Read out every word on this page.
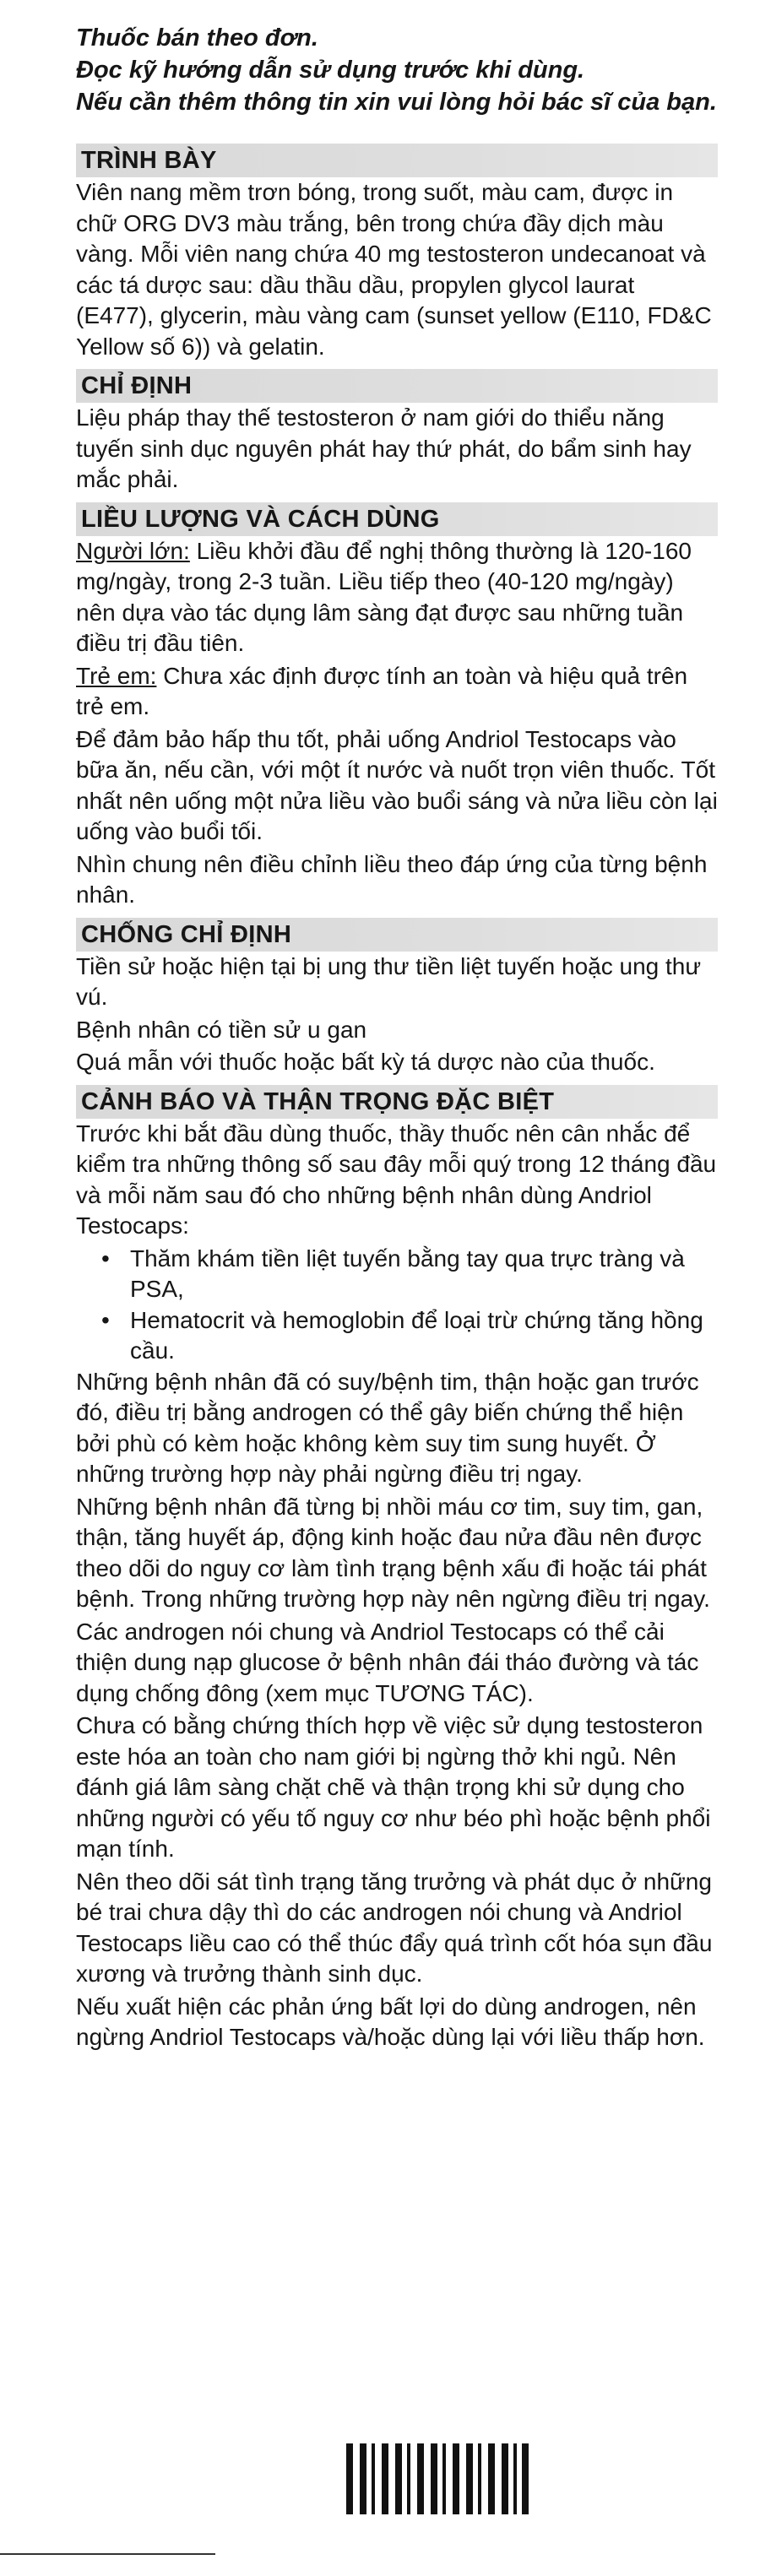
Thuốc bán theo đơn.

Đọc kỹ hướng dẫn sử dụng trước khi dùng.

Nếu cần thêm thông tin xin vui lòng hỏi bác sĩ của bạn.

TRÌNH BÀY

Viên nang mềm trơn bóng, trong suốt, màu cam, được in chữ ORG DV3 màu trắng, bên trong chứa đầy dịch màu vàng. Mỗi viên nang chứa 40 mg testosteron undecanoat và các tá dược sau: dầu thầu dầu, propylen glycol laurat (E477), glycerin, màu vàng cam (sunset yellow (E110, FD&C Yellow số 6)) và gelatin.

CHỈ ĐỊNH

Liệu pháp thay thế testosteron ở nam giới do thiểu năng tuyến sinh dục nguyên phát hay thứ phát, do bẩm sinh hay mắc phải.

LIỀU LƯỢNG VÀ CÁCH DÙNG

Người lớn: Liều khởi đầu để nghị thông thường là 120-160 mg/ngày, trong 2-3 tuần. Liều tiếp theo (40-120 mg/ngày) nên dựa vào tác dụng lâm sàng đạt được sau những tuần điều trị đầu tiên.

Trẻ em: Chưa xác định được tính an toàn và hiệu quả trên trẻ em.

Để đảm bảo hấp thu tốt, phải uống Andriol Testocaps vào bữa ăn, nếu cần, với một ít nước và nuốt trọn viên thuốc. Tốt nhất nên uống một nửa liều vào buổi sáng và nửa liều còn lại uống vào buổi tối.

Nhìn chung nên điều chỉnh liều theo đáp ứng của từng bệnh nhân.

CHỐNG CHỈ ĐỊNH

Tiền sử hoặc hiện tại bị ung thư tiền liệt tuyến hoặc ung thư vú.

Bệnh nhân có tiền sử u gan

Quá mẫn với thuốc hoặc bất kỳ tá dược nào của thuốc.

CẢNH BÁO VÀ THẬN TRỌNG ĐẶC BIỆT

Trước khi bắt đầu dùng thuốc, thầy thuốc nên cân nhắc để kiểm tra những thông số sau đây mỗi quý trong 12 tháng đầu và mỗi năm sau đó cho những bệnh nhân dùng Andriol Testocaps:

• Thăm khám tiền liệt tuyến bằng tay qua trực tràng và PSA,
• Hematocrit và hemoglobin để loại trừ chứng tăng hồng cầu.

Những bệnh nhân đã có suy/bệnh tim, thận hoặc gan trước đó, điều trị bằng androgen có thể gây biến chứng thể hiện bởi phù có kèm hoặc không kèm suy tim sung huyết. Ở những trường hợp này phải ngừng điều trị ngay.

Những bệnh nhân đã từng bị nhồi máu cơ tim, suy tim, gan, thận, tăng huyết áp, động kinh hoặc đau nửa đầu nên được theo dõi do nguy cơ làm tình trạng bệnh xấu đi hoặc tái phát bệnh. Trong những trường hợp này nên ngừng điều trị ngay.

Các androgen nói chung và Andriol Testocaps có thể cải thiện dung nạp glucose ở bệnh nhân đái tháo đường và tác dụng chống đông (xem mục TƯƠNG TÁC).

Chưa có bằng chứng thích hợp về việc sử dụng testosteron este hóa an toàn cho nam giới bị ngừng thở khi ngủ. Nên đánh giá lâm sàng chặt chẽ và thận trọng khi sử dụng cho những người có yếu tố nguy cơ như béo phì hoặc bệnh phổi mạn tính.

Nên theo dõi sát tình trạng tăng trưởng và phát dục ở những bé trai chưa dậy thì do các androgen nói chung và Andriol Testocaps liều cao có thể thúc đẩy quá trình cốt hóa sụn đầu xương và trưởng thành sinh dục.

Nếu xuất hiện các phản ứng bất lợi do dùng androgen, nên ngừng Andriol Testocaps và/hoặc dùng lại với liều thấp hơn.
